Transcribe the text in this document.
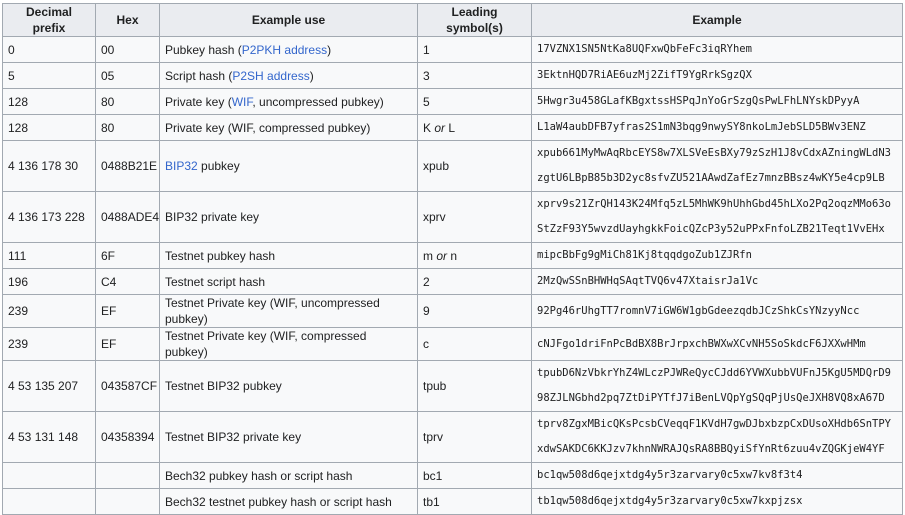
Decimal prefix	Hex	Example use	Leading symbol(s)	Example
0	00	Pubkey hash (P2PKH address)	1	17VZNX1SN5NtKa8UQFxwQbFeFc3iqRYhem
5	05	Script hash (P2SH address)	3	3EktnHQD7RiAE6uzMj2ZifT9YgRrkSgzQX
128	80	Private key (WIF, uncompressed pubkey)	5	5Hwgr3u458GLafKBgxtssHSPqJnYoGrSzgQsPwLFhLNYskDPyyA
128	80	Private key (WIF, compressed pubkey)	K or L	L1aW4aubDFB7yfras2S1mN3bqg9nwySY8nkoLmJebSLD5BWv3ENZ
4 136 178 30	0488B21E	BIP32 pubkey	xpub	xpub661MyMwAqRbcEYS8w7XLSVeEsBXy79zSzH1J8vCdxAZningWLdN3zgtU6LBpB85b3D2yc8sfvZU521AAwdZafEz7mnzBBsz4wKY5e4cp9LB
4 136 173 228	0488ADE4	BIP32 private key	xprv	xprv9s21ZrQH143K24Mfq5zL5MhWK9hUhhGbd45hLXo2Pq2oqzMMo63oStZzF93Y5wvzdUayhgkkFoicQZcP3y52uPPxFnfoLZB21Teqt1VvEHx
111	6F	Testnet pubkey hash	m or n	mipcBbFg9gMiCh81Kj8tqqdgoZub1ZJRfn
196	C4	Testnet script hash	2	2MzQwSSnBHWHqSAqtTVQ6v47XtaisrJa1Vc
239	EF	Testnet Private key (WIF, uncompressed pubkey)	9	92Pg46rUhgTT7romnV7iGW6W1gbGdeezqdbJCzShkCsYNzyyNcc
239	EF	Testnet Private key (WIF, compressed pubkey)	c	cNJFgo1driFnPcBdBX8BrJrpxchBWXwXCvNH5SoSkdcF6JXXwHMm
4 53 135 207	043587CF	Testnet BIP32 pubkey	tpub	tpubD6NzVbkrYhZ4WLczPJWReQycCJdd6YVWXubbVUFnJ5KgU5MDQrD998ZJLNGbhd2pq7ZtDiPYTfJ7iBenLVQpYgSQqPjUsQeJXH8VQ8xA67D
4 53 131 148	04358394	Testnet BIP32 private key	tprv	tprv8ZgxMBicQKsPcsbCVeqqF1KVdH7gwDJbxbzpCxDUsoXHdb6SnTPYxdwSAKDC6KKJzv7khnNWRAJQsRA8BBQyiSfYnRt6zuu4vZQGKjeW4YF
		Bech32 pubkey hash or script hash	bc1	bc1qw508d6qejxtdg4y5r3zarvary0c5xw7kv8f3t4
		Bech32 testnet pubkey hash or script hash	tb1	tb1qw508d6qejxtdg4y5r3zarvary0c5xw7kxpjzsx
